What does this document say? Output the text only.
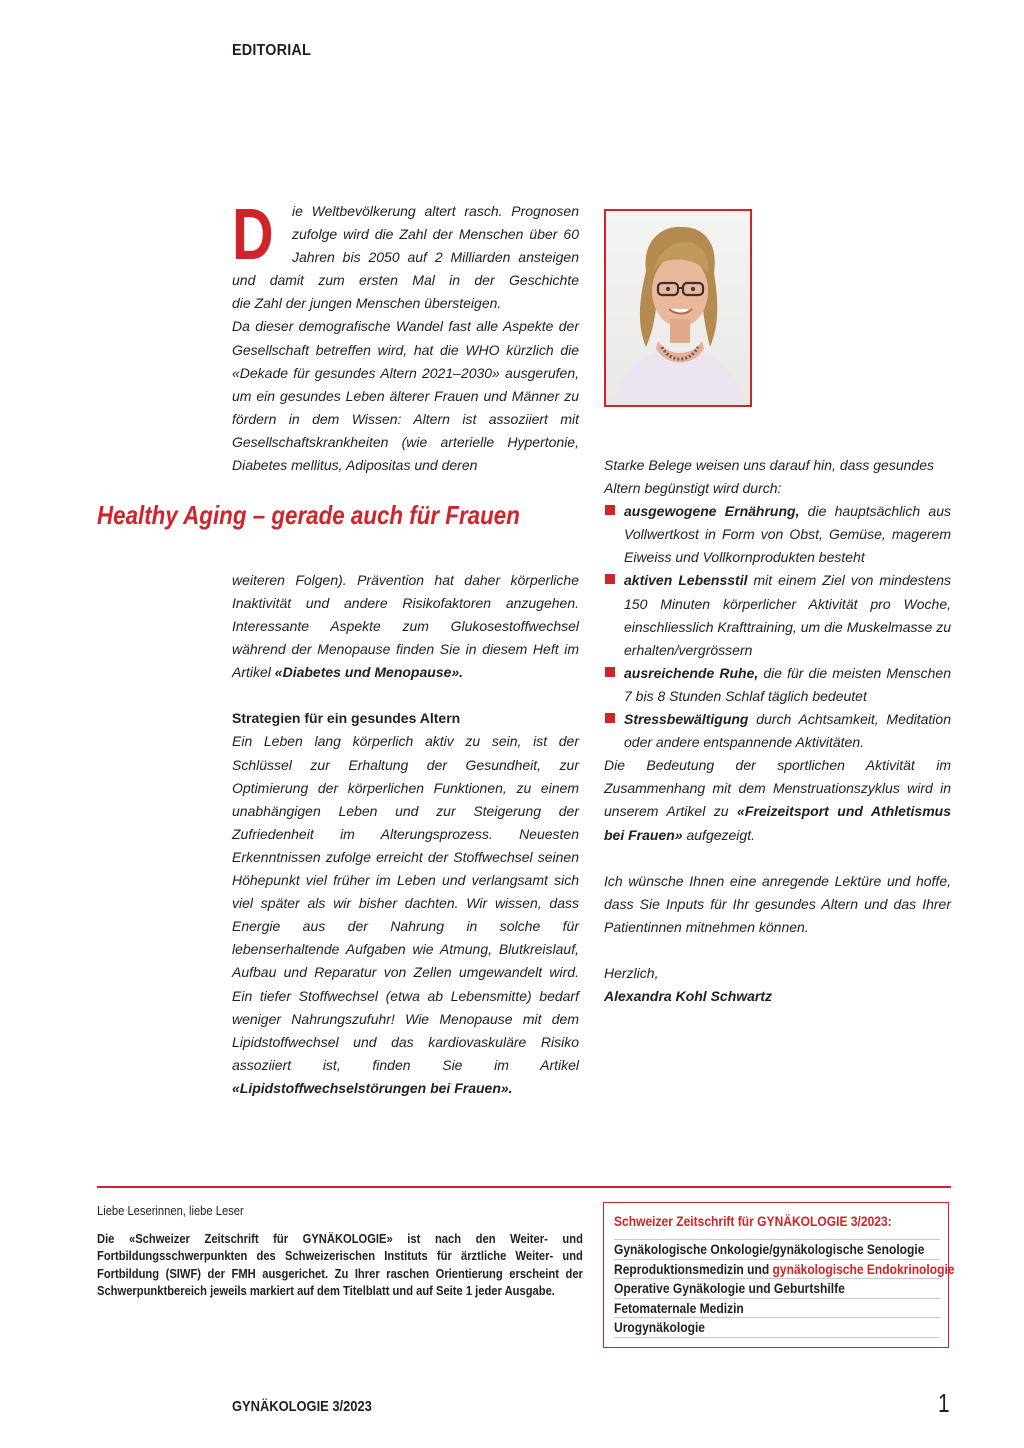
EDITORIAL
D	ie Weltbevölkerung altert rasch. Prognosen
zufolge wird die Zahl der Menschen über 60
Jahren bis 2050 auf 2 Milliarden ansteigen
und damit zum ersten Mal in der Geschichte
die Zahl der jungen Menschen übersteigen.

Da dieser demografische Wandel fast alle Aspekte der Gesellschaft betreffen wird, hat die WHO kürzlich die «Dekade für gesundes Altern 2021–2030» ausgerufen, um ein gesundes Leben älterer Frauen und Männer zu fördern in dem Wissen: Altern ist assoziiert mit Gesellschaftskrankheiten (wie arterielle Hypertonie, Diabetes mellitus, Adipositas und deren

Healthy Aging – gerade auch für Frauen

weiteren Folgen). Prävention hat daher körperliche Inaktivität und andere Risikofaktoren anzugehen. Interessante Aspekte zum Glukosestoffwechsel während der Menopause finden Sie in diesem Heft im Artikel «Diabetes und Menopause».

Strategien für ein gesundes Altern

Ein Leben lang körperlich aktiv zu sein, ist der Schlüssel zur Erhaltung der Gesundheit, zur Optimierung der körperlichen Funktionen, zu einem unabhängigen Leben und zur Steigerung der Zufriedenheit im Alterungsprozess. Neuesten Erkenntnissen zufolge erreicht der Stoffwechsel seinen Höhepunkt viel früher im Leben und verlangsamt sich viel später als wir bisher dachten. Wir wissen, dass Energie aus der Nahrung in solche für lebenserhaltende Aufgaben wie Atmung, Blutkreislauf, Aufbau und Reparatur von Zellen umgewandelt wird. Ein tiefer Stoffwechsel (etwa ab Lebensmitte) bedarf weniger Nahrungszufuhr! Wie Menopause mit dem Lipidstoffwechsel und das kardiovaskuläre Risiko assoziiert ist, finden Sie im Artikel «Lipidstoffwechselstörungen bei Frauen».

Starke Belege weisen uns darauf hin, dass gesundes Altern begünstigt wird durch:

ausgewogene Ernährung, die hauptsächlich aus Vollwertkost in Form von Obst, Gemüse, magerem Eiweiss und Vollkornprodukten besteht
aktiven Lebensstil mit einem Ziel von mindestens 150 Minuten körperlicher Aktivität pro Woche, einschliesslich Krafttraining, um die Muskelmasse zu erhalten/vergrössern
ausreichende Ruhe, die für die meisten Menschen 7 bis 8 Stunden Schlaf täglich bedeutet
Stressbewältigung durch Achtsamkeit, Meditation oder andere entspannende Aktivitäten.

Die Bedeutung der sportlichen Aktivität im Zusammenhang mit dem Menstruationszyklus wird in unserem Artikel zu «Freizeitsport und Athletismus bei Frauen» aufgezeigt.

Ich wünsche Ihnen eine anregende Lektüre und hoffe, dass Sie Inputs für Ihr gesundes Altern und das Ihrer Patientinnen mitnehmen können.

Herzlich,

Alexandra Kohl Schwartz

Liebe Leserinnen, liebe Leser

Die «Schweizer Zeitschrift für GYNÄKOLOGIE» ist nach den Weiter- und Fortbildungsschwerpunkten des Schweizerischen Instituts für ärztliche Weiter- und Fortbildung (SIWF) der FMH ausgerichet. Zu Ihrer raschen Orientierung erscheint der Schwerpunktbereich jeweils markiert auf dem Titelblatt und auf Seite 1 jeder Ausgabe.

Schweizer Zeitschrift für GYNÄKOLOGIE 3/2023:
Gynäkologische Onkologie/gynäkologische Senologie
Reproduktionsmedizin und gynäkologische Endokrinologie
Operative Gynäkologie und Geburtshilfe
Fetomaternale Medizin
Urogynäkologie
GYNÄKOLOGIE 3/2023	1
